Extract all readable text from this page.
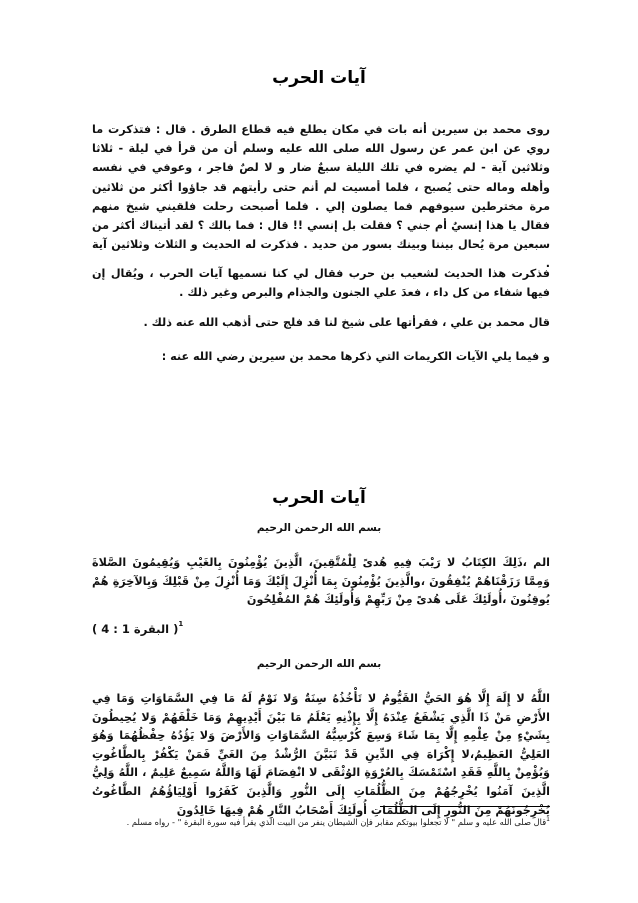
آيات الحرب

روى محمد بن سيرين أنه بات في مكان يطلع فيه قطاع الطرق . قال : فتذكرت ما روي عن ابن عمر عن رسول الله صلى الله عليه وسلم أن من قرأ في ليلة - ثلاثا وثلاثين آية - لم يضره في تلك الليلة سبعٌ ضار و لا لصٌ فاجر ، وعوفي في نفسه وأهله وماله حتى يُصبح ، فلما أمسيت لم أنم حتى رأيتهم قد جاؤوا أكثر من ثلاثين مرة مخترطين سيوفهم فما يصلون إلي . فلما أصبحت رحلت فلقيني شيخ منهم فقال يا هذا إنسيٌ أم جني ؟ فقلت بل إنسي !! قال : فما بالك ؟ لقد أتيناك أكثر من سبعين مرة يُحال بيننا وبينك بسور من حديد . فذكرت له الحديث و الثلاث وثلاثين آية .

فذكرت هذا الحديث لشعيب بن حرب فقال لي كنا نسميها آيات الحرب ، ويُقال إن فيها شفاء من كل داء ، فعدَ علي الجنون والجذام والبرص وغير ذلك .

قال محمد بن علي ، فقرأتها على شيخ لنا قد فلج حتى أذهب الله عنه ذلك .

و فيما يلي الآيات الكريمات التي ذكرها محمد بن سيرين رضي الله عنه :

آيات الحرب
بسم الله الرحمن الرحيم

الم ،ذَلِكَ الكِتَابُ لا رَيْبَ فِيهِ هُدىً لِلْمُتَّقِينَ، الَّذِينَ يُؤْمِنُونَ بِالغَيْبِ وَيُقِيمُونَ الصَّلاةَ وَمِمَّا رَزَقْنَاهُمْ يُنْفِقُونَ ،والَّذِينَ يُؤْمِنُونَ بِمَا أُنْزِلَ إِلَيْكَ وَمَا أُنْزِلَ مِنْ قَبْلِكَ وَبِالآخِرَةِ هُمْ يُوقِنُونَ ،أُولَئِكَ عَلَى هُدىً مِنْ رَبِّهِمْ وَأُولَئِكَ هُمْ المُفْلِحُونَ

( البقرة 1 : 4 )$^1$
بسم الله الرحمن الرحيم

اللَّهُ لا إِلَهَ إِلَّا هُوَ الحَيُّ القَيُّومُ لا تَأْخُذُهُ سِنَةٌ وَلا نَوْمٌ لَهُ مَا فِي السَّمَاوَاتِ وَمَا فِي الأَرْضِ مَنْ ذَا الَّذِي يَشْفَعُ عِنْدَهُ إِلَّا بِإِذْنِهِ يَعْلَمُ مَا بَيْنَ أَيْدِيهِمْ وَمَا خَلْفَهُمْ وَلا يُحِيطُونَ بِشَيْءٍ مِنْ عِلْمِهِ إِلَّا بِمَا شَاءَ وَسِعَ كُرْسِيُّهُ السَّمَاوَاتِ وَالأَرْضَ وَلا يَؤُدُهُ حِفْظُهُمَا وَهُوَ العَلِيُّ العَظِيمُ،لا إِكْرَاهَ فِي الدِّينِ قَدْ تَبَيَّنَ الرُّشْدُ مِنَ الغَيِّ فَمَنْ يَكْفُرْ بِالطَّاغُوتِ وَيُؤْمِنْ بِاللَّهِ فَقَدِ اسْتَمْسَكَ بِالعُرْوَةِ الوُثْقَى لا انْفِصَامَ لَهَا وَاللَّهُ سَمِيعٌ عَلِيمٌ ، اللَّهُ وَلِيُّ الَّذِينَ آمَنُوا يُخْرِجُهُمْ مِنَ الظُّلُمَاتِ إِلَى النُّورِ وَالَّذِينَ كَفَرُوا أَوْلِيَاؤُهُمُ الطَّاغُوتُ يُخْرِجُونَهُمْ مِنَ النُّورِ إِلَى الظُّلُمَاتِ أُولَئِكَ أَصْحَابُ النَّارِ هُمْ فِيهَا خَالِدُونَ

$^1$قال صلى الله عليه و سلم " لا تجعلوا بيوتكم مقابر فإن الشيطان ينفر من البيت الذي يقرأ فيه سورة البقرة " - رواه مسلم .
